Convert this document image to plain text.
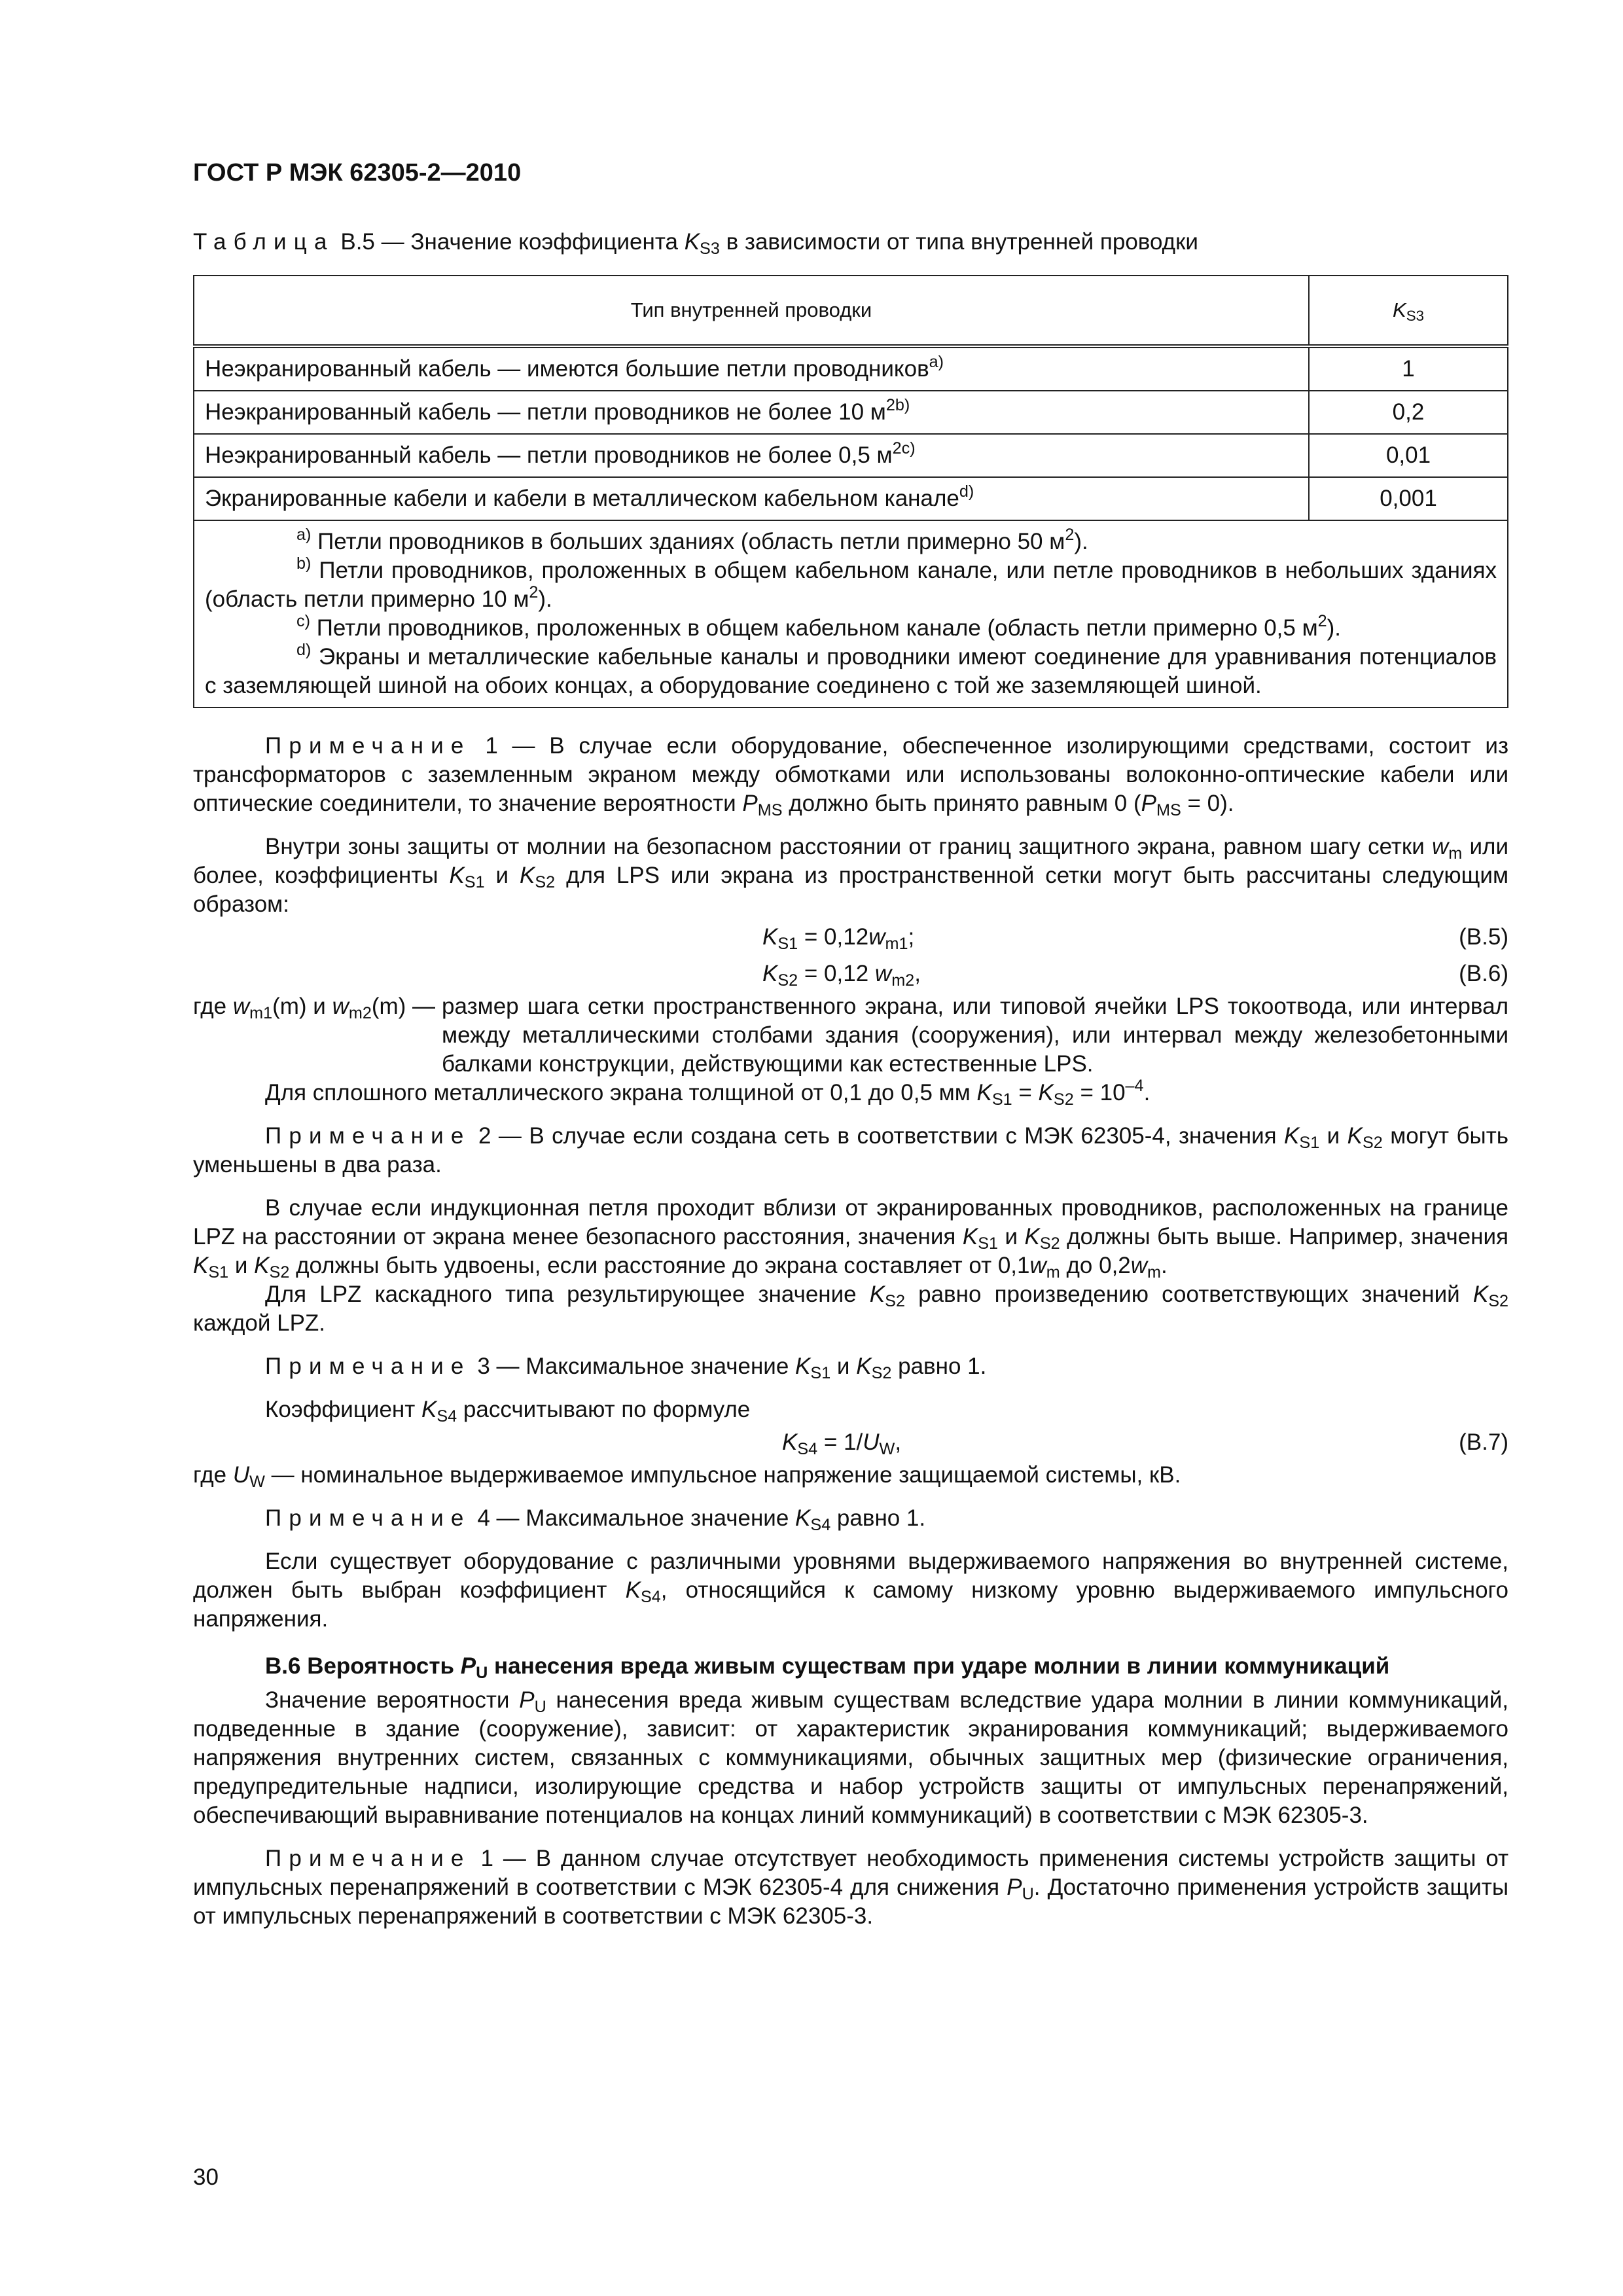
ГОСТ Р МЭК 62305-2—2010
Таблица В.5 — Значение коэффициента $K_{S3}$ в зависимости от типа внутренней проводки
Тип внутренней проводки	$K_{S3}$
Неэкранированный кабель — имеются большие петли проводников$^{a)}$	1
Неэкранированный кабель — петли проводников не более 10 $м^{2b)}$	0,2
Неэкранированный кабель — петли проводников не более 0,5 $м^{2c)}$	0,01
Экранированные кабели и кабели в металлическом кабельном канале$^{d)}$	0,001

$^{a)}$ Петли проводников в больших зданиях (область петли примерно 50 $м^2$).

$^{b)}$ Петли проводников, проложенных в общем кабельном канале, или петле проводников в небольших зданиях (область петли примерно 10 $м^2$).

$^{c)}$ Петли проводников, проложенных в общем кабельном канале (область петли примерно 0,5 $м^2$).

$^{d)}$ Экраны и металлические кабельные каналы и проводники имеют соединение для уравнивания потенциалов с заземляющей шиной на обоих концах, а оборудование соединено с той же заземляющей шиной.	

Примечание 1 — В случае если оборудование, обеспеченное изолирующими средствами, состоит из трансформаторов с заземленным экраном между обмотками или использованы волоконно-оптические кабели или оптические соединители, то значение вероятности $P_{MS}$ должно быть принято равным 0 $(P_{MS} = 0)$.

Внутри зоны защиты от молнии на безопасном расстоянии от границ защитного экрана, равном шагу сетки $w_m$ или более, коэффициенты $K_{S1}$ и $K_{S2}$ для LPS или экрана из пространственной сетки могут быть рассчитаны следующим образом:

$K_{S1} = 0,12w_{m1}$;	(В.5)
$K_{S2} = 0,12$ $w_{m2}$,	(В.6)
где $w_{m1}(m)$ и $w_{m2}(m)$ — размер шага сетки пространственного экрана, или типовой ячейки LPS токоотвода, или интервал между металлическими столбами здания (сооружения), или интервал между железобетонными балками конструкции, действующими как естественные LPS.

Для сплошного металлического экрана толщиной от 0,1 до 0,5 мм $K_{S1} = K_{S2} = 10^{-4}$.

Примечание 2 — В случае если создана сеть в соответствии с МЭК 62305-4, значения $K_{S1}$ и $K_{S2}$ могут быть уменьшены в два раза.

В случае если индукционная петля проходит вблизи от экранированных проводников, расположенных на границе LPZ на расстоянии от экрана менее безопасного расстояния, значения $K_{S1}$ и $K_{S2}$ должны быть выше. Например, значения $K_{S1}$ и $K_{S2}$ должны быть удвоены, если расстояние до экрана составляет от $0,1w_m$ до $0,2w_m$.

Для LPZ каскадного типа результирующее значение $K_{S2}$ равно произведению соответствующих значений $K_{S2}$ каждой LPZ.

Примечание 3 — Максимальное значение $K_{S1}$ и $K_{S2}$ равно 1.

Коэффициент $K_{S4}$ рассчитывают по формуле

$K_{S4} = 1/U_W$,	(В.7)

где $U_W$ — номинальное выдерживаемое импульсное напряжение защищаемой системы, кВ.

Примечание 4 — Максимальное значение $K_{S4}$ равно 1.

Если существует оборудование с различными уровнями выдерживаемого напряжения во внутренней системе, должен быть выбран коэффициент $K_{S4}$, относящийся к самому низкому уровню выдерживаемого импульсного напряжения.

В.6 Вероятность $P_U$ нанесения вреда живым существам при ударе молнии в линии коммуникаций

Значение вероятности $P_U$ нанесения вреда живым существам вследствие удара молнии в линии коммуникаций, подведенные в здание (сооружение), зависит: от характеристик экранирования коммуникаций; выдерживаемого напряжения внутренних систем, связанных с коммуникациями, обычных защитных мер (физические ограничения, предупредительные надписи, изолирующие средства и набор устройств защиты от импульсных перенапряжений, обеспечивающий выравнивание потенциалов на концах линий коммуникаций) в соответствии с МЭК 62305-3.

Примечание 1 — В данном случае отсутствует необходимость применения системы устройств защиты от импульсных перенапряжений в соответствии с МЭК 62305-4 для снижения $P_U$. Достаточно применения устройств защиты от импульсных перенапряжений в соответствии с МЭК 62305-3.

30
